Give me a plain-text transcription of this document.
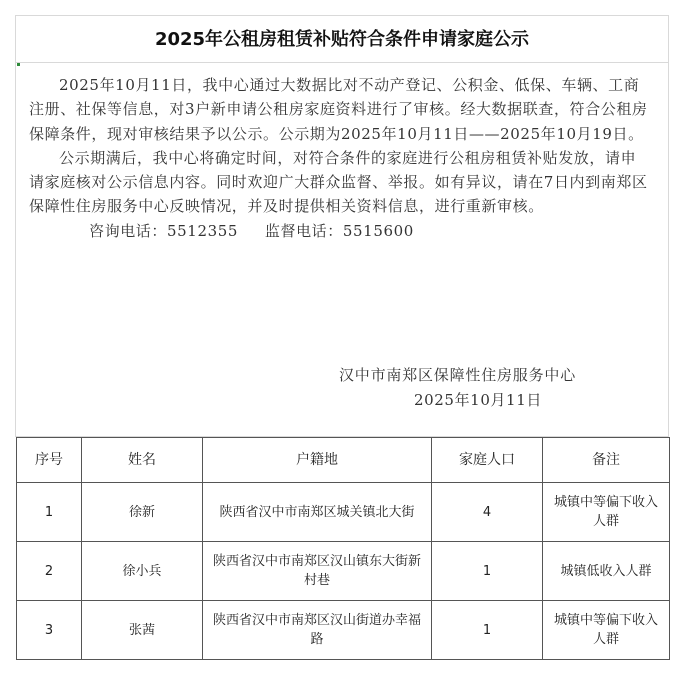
2025年公租房租赁补贴符合条件申请家庭公示

2025年10月11日，我中心通过大数据比对不动产登记、公积金、低保、车辆、工商注册、社保等信息，对3户新申请公租房家庭资料进行了审核。经大数据联查，符合公租房保障条件，现对审核结果予以公示。公示期为2025年10月11日——2025年10月19日。

公示期满后，我中心将确定时间，对符合条件的家庭进行公租房租赁补贴发放，请申请家庭核对公示信息内容。同时欢迎广大群众监督、举报。如有异议，请在7日内到南郑区保障性住房服务中心反映情况，并及时提供相关资料信息，进行重新审核。

咨询电话：5512355 监督电话：5515600

汉中市南郑区保障性住房服务中心
2025年10月11日
序号	姓名	户籍地	家庭人口	备注
1	徐新	陕西省汉中市南郑区城关镇北大街	4	城镇中等偏下收入人群
2	徐小兵	陕西省汉中市南郑区汉山镇东大街新村巷	1	城镇低收入人群
3	张茜	陕西省汉中市南郑区汉山街道办幸福路	1	城镇中等偏下收入人群
